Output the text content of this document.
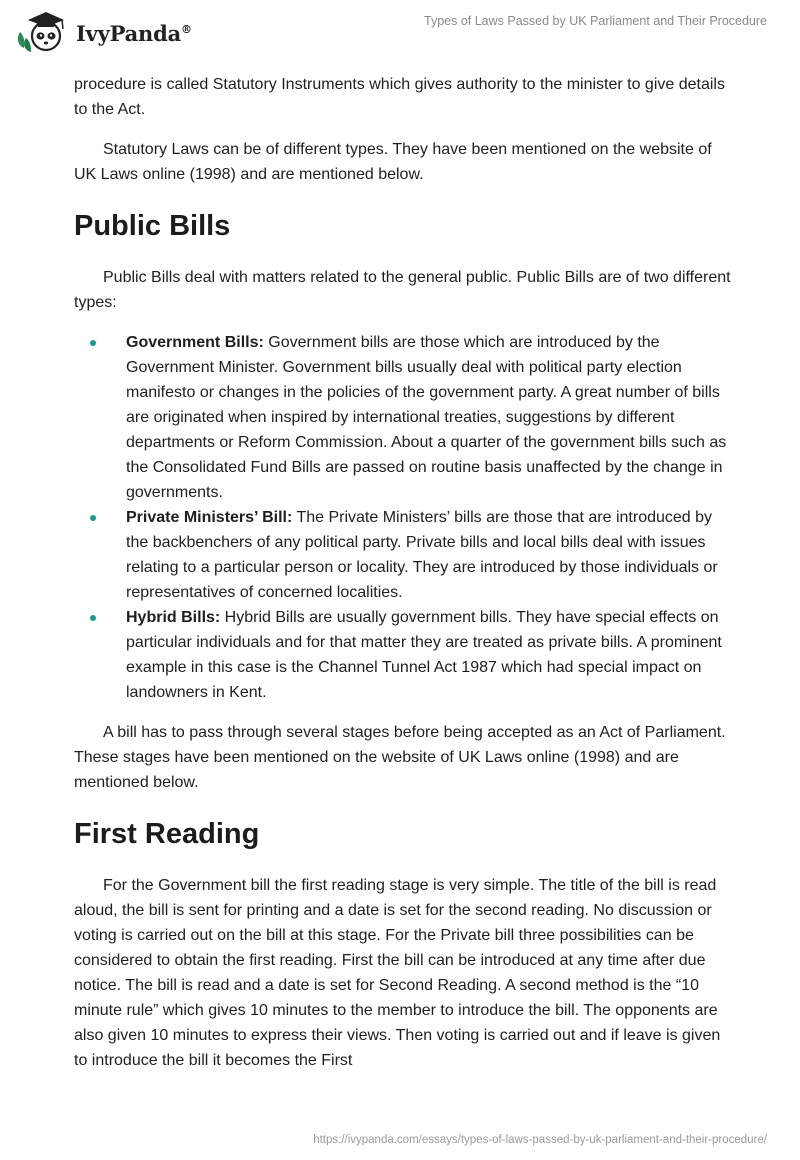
IvyPanda®
Types of Laws Passed by UK Parliament and Their Procedure

procedure is called Statutory Instruments which gives authority to the minister to give details to the Act.

Statutory Laws can be of different types. They have been mentioned on the website of UK Laws online (1998) and are mentioned below.

Public Bills

Public Bills deal with matters related to the general public. Public Bills are of two different types:

Government Bills: Government bills are those which are introduced by the Government Minister. Government bills usually deal with political party election manifesto or changes in the policies of the government party. A great number of bills are originated when inspired by international treaties, suggestions by different departments or Reform Commission. About a quarter of the government bills such as the Consolidated Fund Bills are passed on routine basis unaffected by the change in governments.
Private Ministers’ Bill: The Private Ministers’ bills are those that are introduced by the backbenchers of any political party. Private bills and local bills deal with issues relating to a particular person or locality. They are introduced by those individuals or representatives of concerned localities.
Hybrid Bills: Hybrid Bills are usually government bills. They have special effects on particular individuals and for that matter they are treated as private bills. A prominent example in this case is the Channel Tunnel Act 1987 which had special impact on landowners in Kent.

A bill has to pass through several stages before being accepted as an Act of Parliament. These stages have been mentioned on the website of UK Laws online (1998) and are mentioned below.

First Reading

For the Government bill the first reading stage is very simple. The title of the bill is read aloud, the bill is sent for printing and a date is set for the second reading. No discussion or voting is carried out on the bill at this stage. For the Private bill three possibilities can be considered to obtain the first reading. First the bill can be introduced at any time after due notice. The bill is read and a date is set for Second Reading. A second method is the “10 minute rule” which gives 10 minutes to the member to introduce the bill. The opponents are also given 10 minutes to express their views. Then voting is carried out and if leave is given to introduce the bill it becomes the First

https://ivypanda.com/essays/types-of-laws-passed-by-uk-parliament-and-their-procedure/
